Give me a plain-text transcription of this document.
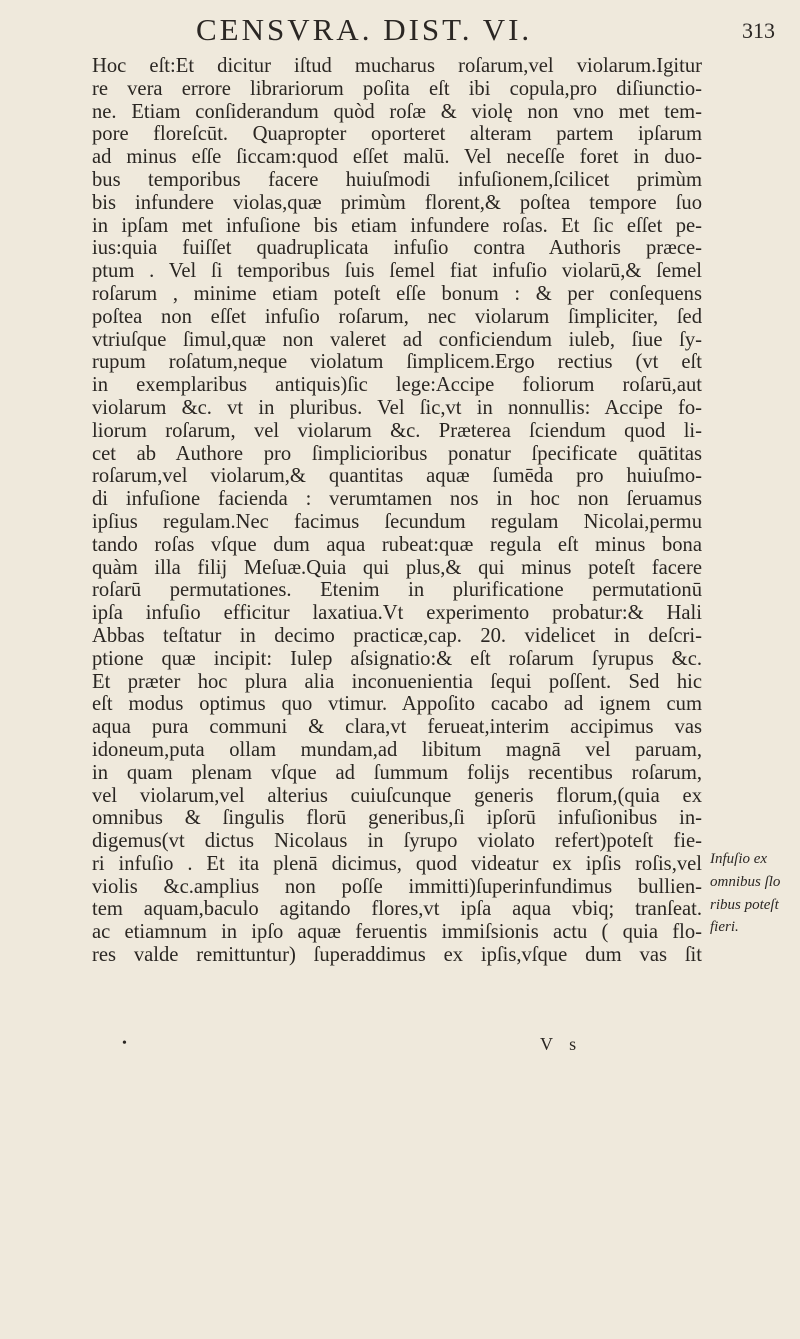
CENSVRA. DIST. VI.	313
Hoc eſt:Et dicitur iſtud mucharus roſarum,vel violarum.Igitur
re vera errore librariorum poſita eſt ibi copula,pro diſiunctio-
ne. Etiam conſiderandum quòd roſæ & violę non vno met tem-
pore floreſcūt. Quapropter oporteret alteram partem ipſarum
ad minus eſſe ſiccam:quod eſſet malū. Vel neceſſe foret in duo-
bus temporibus facere huiuſmodi infuſionem,ſcilicet primùm
bis infundere violas,quæ primùm florent,& poſtea tempore ſuo
in ipſam met infuſione bis etiam infundere roſas. Et ſic eſſet pe-
ius:quia fuiſſet quadruplicata infuſio contra Authoris præce-
ptum . Vel ſi temporibus ſuis ſemel fiat infuſio violarū,& ſemel
roſarum , minime etiam poteſt eſſe bonum : & per conſequens
poſtea non eſſet infuſio roſarum, nec violarum ſimpliciter, ſed
vtriuſque ſimul,quæ non valeret ad conficiendum iuleb, ſiue ſy-
rupum roſatum,neque violatum ſimplicem.Ergo rectius (vt eſt
in exemplaribus antiquis)ſic lege:Accipe foliorum roſarū,aut
violarum &c. vt in pluribus. Vel ſic,vt in nonnullis: Accipe fo-
liorum roſarum, vel violarum &c. Præterea ſciendum quod li-
cet ab Authore pro ſimplicioribus ponatur ſpecificate quātitas
roſarum,vel violarum,& quantitas aquæ ſumēda pro huiuſmo-
di infuſione facienda : verumtamen nos in hoc non ſeruamus
ipſius regulam.Nec facimus ſecundum regulam Nicolai,permu
tando roſas vſque dum aqua rubeat:quæ regula eſt minus bona
quàm illa filij Meſuæ.Quia qui plus,& qui minus poteſt facere
roſarū permutationes. Etenim in plurificatione permutationū
ipſa infuſio efficitur laxatiua.Vt experimento probatur:& Hali
Abbas teſtatur in decimo practicæ,cap. 20. videlicet in deſcri-
ptione quæ incipit: Iulep aſsignatio:& eſt roſarum ſyrupus &c.
Et præter hoc plura alia inconuenientia ſequi poſſent. Sed hic
eſt modus optimus quo vtimur. Appoſito cacabo ad ignem cum
aqua pura communi & clara,vt ferueat,interim accipimus vas
idoneum,puta ollam mundam,ad libitum magnā vel paruam,
in quam plenam vſque ad ſummum folijs recentibus roſarum,
vel violarum,vel alterius cuiuſcunque generis florum,(quia ex
omnibus & ſingulis florū generibus,ſi ipſorū infuſionibus in-
digemus(vt dictus Nicolaus in ſyrupo violato refert)poteſt fie-
ri infuſio . Et ita plenā dicimus, quod videatur ex ipſis roſis,vel
violis &c.amplius non poſſe immitti)ſuperinfundimus bullien-
tem aquam,baculo agitando flores,vt ipſa aqua vbiq; tranſeat.
ac etiamnum in ipſo aquæ feruentis immiſsionis actu ( quia flo-
res valde remittuntur) ſuperaddimus ex ipſis,vſque dum vas ſit
Infuſio ex
omnibus ſlo
ribus poteſt
fieri.
•	V s
